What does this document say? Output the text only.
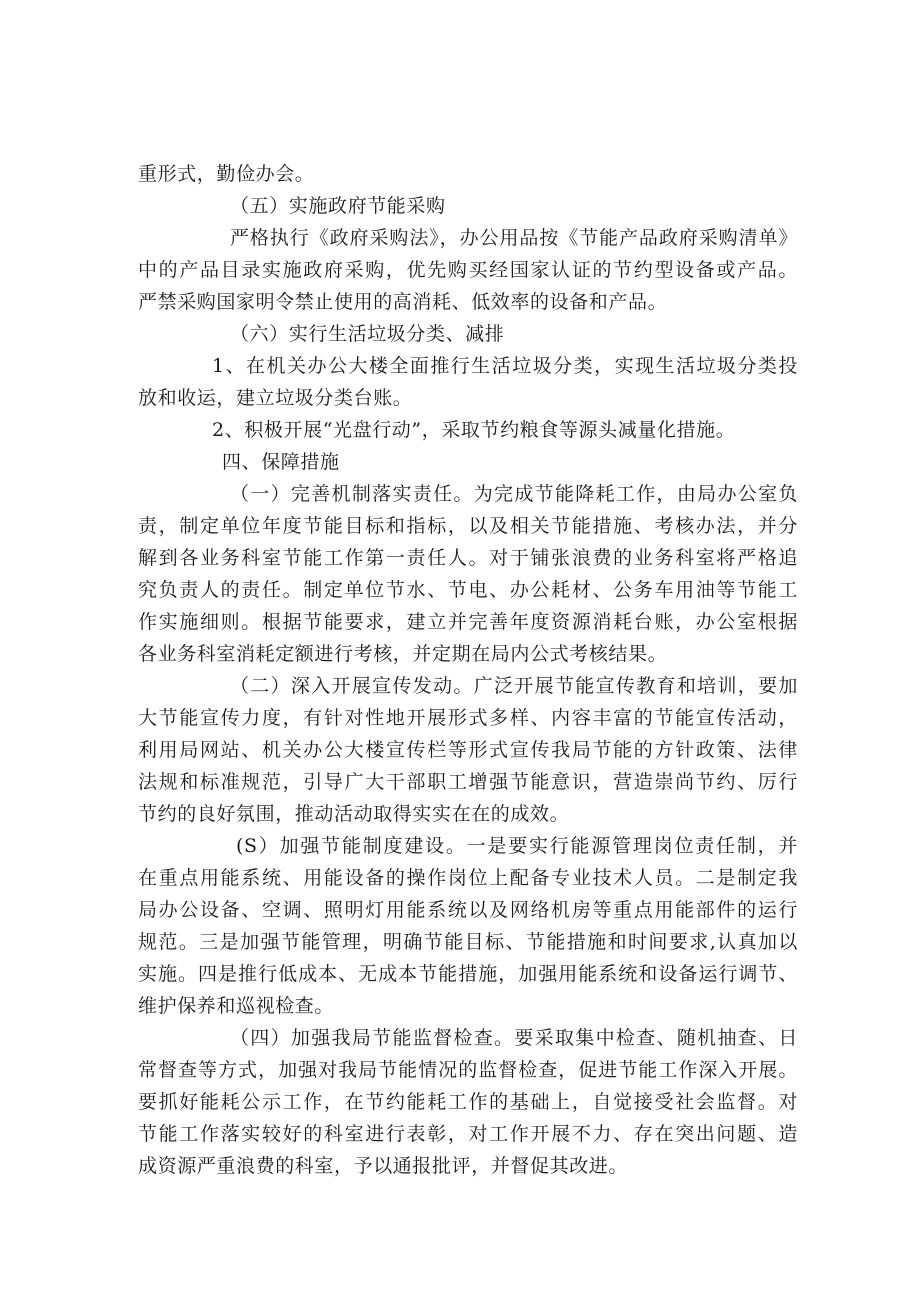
重形式，勤俭办会。
（五）实施政府节能采购
严格执行《政府采购法》，办公用品按《节能产品政府采购清单》
中的产品目录实施政府采购，优先购买经国家认证的节约型设备或产品。
严禁采购国家明令禁止使用的高消耗、低效率的设备和产品。
（六）实行生活垃圾分类、减排
1、在机关办公大楼全面推行生活垃圾分类，实现生活垃圾分类投
放和收运，建立垃圾分类台账。
2、积极开展“光盘行动”，采取节约粮食等源头减量化措施。
四、保障措施
（一）完善机制落实责任。为完成节能降耗工作，由局办公室负
责，制定单位年度节能目标和指标，以及相关节能措施、考核办法，并分
解到各业务科室节能工作第一责任人。对于铺张浪费的业务科室将严格追
究负责人的责任。制定单位节水、节电、办公耗材、公务车用油等节能工
作实施细则。根据节能要求，建立并完善年度资源消耗台账，办公室根据
各业务科室消耗定额进行考核，并定期在局内公式考核结果。
（二）深入开展宣传发动。广泛开展节能宣传教育和培训，要加
大节能宣传力度，有针对性地开展形式多样、内容丰富的节能宣传活动，
利用局网站、机关办公大楼宣传栏等形式宣传我局节能的方针政策、法律
法规和标准规范，引导广大干部职工增强节能意识，营造崇尚节约、厉行
节约的良好氛围，推动活动取得实实在在的成效。
(S）加强节能制度建设。一是要实行能源管理岗位责任制，并
在重点用能系统、用能设备的操作岗位上配备专业技术人员。二是制定我
局办公设备、空调、照明灯用能系统以及网络机房等重点用能部件的运行
规范。三是加强节能管理，明确节能目标、节能措施和时间要求,认真加以
实施。四是推行低成本、无成本节能措施，加强用能系统和设备运行调节、
维护保养和巡视检查。
（四）加强我局节能监督检查。要采取集中检查、随机抽查、日
常督查等方式，加强对我局节能情况的监督检查，促进节能工作深入开展。
要抓好能耗公示工作，在节约能耗工作的基础上，自觉接受社会监督。对
节能工作落实较好的科室进行表彰，对工作开展不力、存在突出问题、造
成资源严重浪费的科室，予以通报批评，并督促其改进。
